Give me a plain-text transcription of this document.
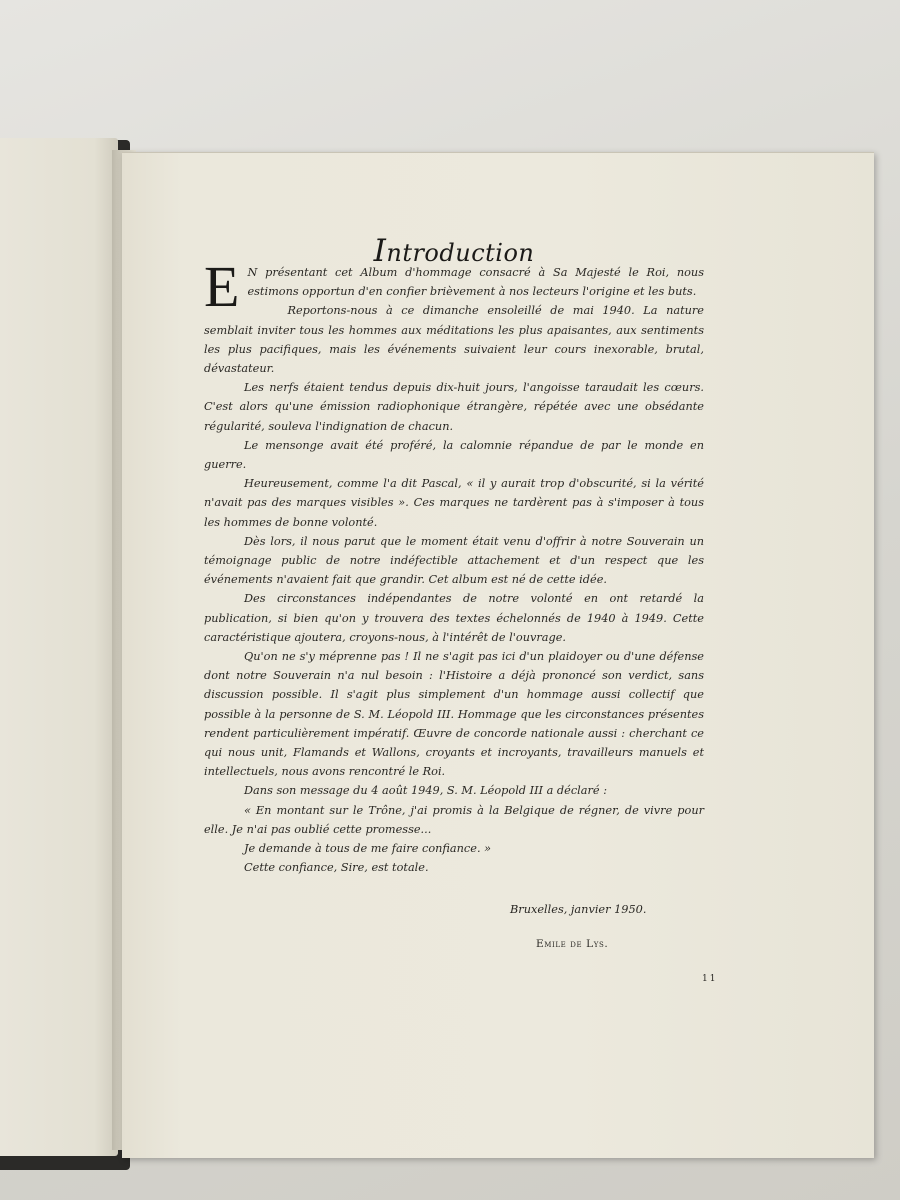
Introduction

E N présentant cet Album d'hommage consacré à Sa Majesté le Roi, nous estimons opportun d'en confier brièvement à nos lecteurs l'origine et les buts.

Reportons-nous à ce dimanche ensoleillé de mai 1940. La nature semblait inviter tous les hommes aux méditations les plus apaisantes, aux sentiments les plus pacifiques, mais les événements suivaient leur cours inexorable, brutal, dévastateur.

Les nerfs étaient tendus depuis dix-huit jours, l'angoisse taraudait les cœurs. C'est alors qu'une émission radiophonique étrangère, répétée avec une obsédante régularité, souleva l'indignation de chacun.

Le mensonge avait été proféré, la calomnie répandue de par le monde en guerre.

Heureusement, comme l'a dit Pascal, « il y aurait trop d'obscurité, si la vérité n'avait pas des marques visibles ». Ces marques ne tardèrent pas à s'imposer à tous les hommes de bonne volonté.

Dès lors, il nous parut que le moment était venu d'offrir à notre Souverain un témoignage public de notre indéfectible attachement et d'un respect que les événements n'avaient fait que grandir. Cet album est né de cette idée.

Des circonstances indépendantes de notre volonté en ont retardé la publication, si bien qu'on y trouvera des textes échelonnés de 1940 à 1949. Cette caractéristique ajoutera, croyons-nous, à l'intérêt de l'ouvrage.

Qu'on ne s'y méprenne pas ! Il ne s'agit pas ici d'un plaidoyer ou d'une défense dont notre Souverain n'a nul besoin : l'Histoire a déjà prononcé son verdict, sans discussion possible. Il s'agit plus simplement d'un hommage aussi collectif que possible à la personne de S. M. Léopold III. Hommage que les circonstances présentes rendent particulièrement impératif. Œuvre de concorde nationale aussi : cherchant ce qui nous unit, Flamands et Wallons, croyants et incroyants, travailleurs manuels et intellectuels, nous avons rencontré le Roi.

Dans son message du 4 août 1949, S. M. Léopold III a déclaré :

« En montant sur le Trône, j'ai promis à la Belgique de régner, de vivre pour elle. Je n'ai pas oublié cette promesse...

Je demande à tous de me faire confiance. »

Cette confiance, Sire, est totale.

Bruxelles, janvier 1950.
Emile de Lys.
11
